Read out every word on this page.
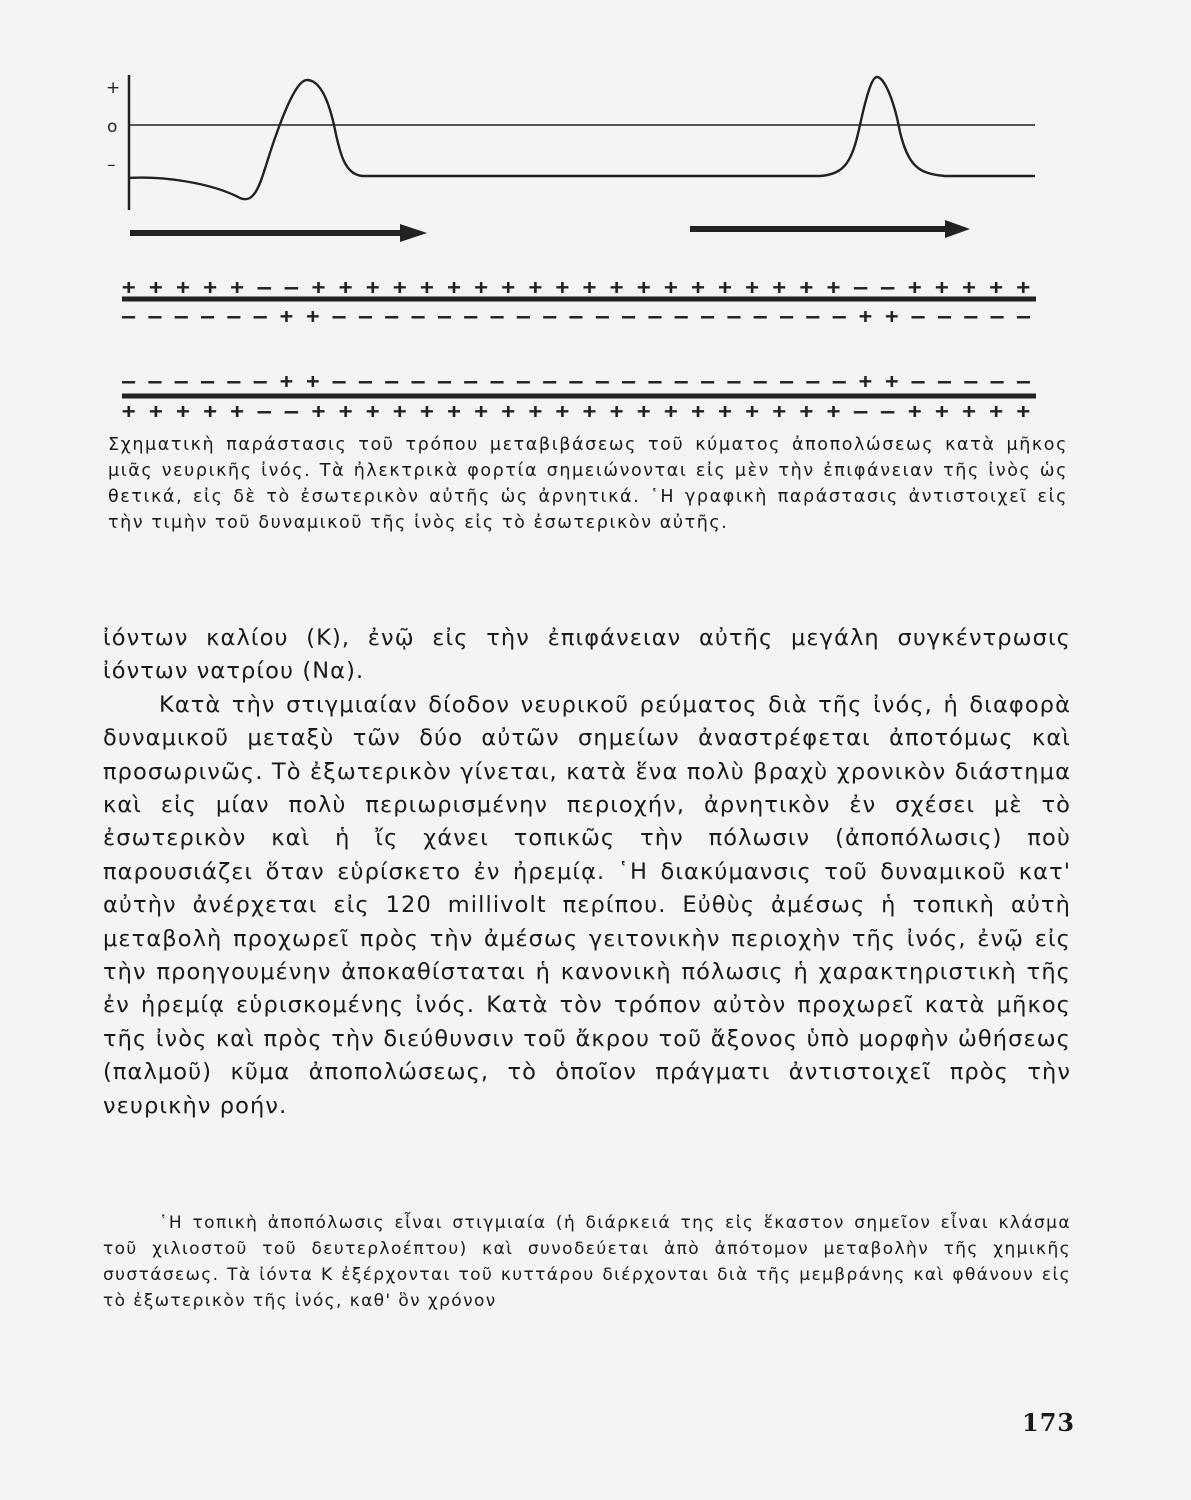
+
o
–
+ + + + + – – + + + + + + + + + + + + + + + + + + + + – – + + + + +
– – – – – – + + – – – – – – – – – – – – – – – – – – – – + + – – – – –
– – – – – – + + – – – – – – – – – – – – – – – – – – – – + + – – – – –
+ + + + + – – + + + + + + + + + + + + + + + + + + + + – – + + + + +
Σχηματικὴ παράστασις τοῦ τρόπου μεταβιβάσεως τοῦ κύματος ἀποπολώσεως κατὰ μῆκος μιᾶς νευρικῆς ἰνός. Τὰ ἠλεκτρικὰ φορτία σημειώνονται εἰς μὲν τὴν ἐπιφάνειαν τῆς ἰνὸς ὡς θετικά, εἰς δὲ τὸ ἐσωτερικὸν αὐτῆς ὡς ἀρνητικά. ῾Η γραφικὴ παράστασις ἀντιστοιχεῖ εἰς τὴν τιμὴν τοῦ δυναμικοῦ τῆς ἰνὸς εἰς τὸ ἐσωτερικὸν αὐτῆς.

ἰόντων καλίου (Κ), ἐνῷ εἰς τὴν ἐπιφάνειαν αὐτῆς μεγάλη συγκέντρωσις ἰόντων νατρίου (Να).

Κατὰ τὴν στιγμιαίαν δίοδον νευρικοῦ ρεύματος διὰ τῆς ἰνός, ἡ διαφορὰ δυναμικοῦ μεταξὺ τῶν δύο αὐτῶν σημείων ἀναστρέφεται ἀποτόμως καὶ προσωρινῶς. Τὸ ἐξωτερικὸν γίνεται, κατὰ ἕνα πολὺ βραχὺ χρονικὸν διάστημα καὶ εἰς μίαν πολὺ περιωρισμένην περιοχήν, ἀρνητικὸν ἐν σχέσει μὲ τὸ ἐσωτερικὸν καὶ ἡ ἴς χάνει τοπικῶς τὴν πόλωσιν (ἀποπόλωσις) ποὺ παρουσιάζει ὅταν εὑρίσκετο ἐν ἠρεμίᾳ. ῾Η διακύμανσις τοῦ δυναμικοῦ κατ' αὐτὴν ἀνέρχεται εἰς 120 millivolt περίπου. Εὐθὺς ἀμέσως ἡ τοπικὴ αὐτὴ μεταβολὴ προχωρεῖ πρὸς τὴν ἀμέσως γειτονικὴν περιοχὴν τῆς ἰνός, ἐνῷ εἰς τὴν προηγουμένην ἀποκαθίσταται ἡ κανονικὴ πόλωσις ἡ χαρακτηριστικὴ τῆς ἐν ἠρεμίᾳ εὑρισκομένης ἰνός. Κατὰ τὸν τρόπον αὐτὸν προχωρεῖ κατὰ μῆκος τῆς ἰνὸς καὶ πρὸς τὴν διεύθυνσιν τοῦ ἄκρου τοῦ ἄξονος ὑπὸ μορφὴν ὠθήσεως (παλμοῦ) κῦμα ἀποπολώσεως, τὸ ὁποῖον πράγματι ἀντιστοιχεῖ πρὸς τὴν νευρικὴν ροήν.

῾Η τοπικὴ ἀποπόλωσις εἶναι στιγμιαία (ἡ διάρκειά της εἰς ἕκαστον σημεῖον εἶναι κλάσμα τοῦ χιλιοστοῦ τοῦ δευτερλοέπτου) καὶ συνοδεύεται ἀπὸ ἀπότομον μεταβολὴν τῆς χημικῆς συστάσεως. Τὰ ἰόντα Κ ἐξέρχονται τοῦ κυττάρου διέρχονται διὰ τῆς μεμβράνης καὶ φθάνουν εἰς τὸ ἐξωτερικὸν τῆς ἰνός, καθ' ὃν χρόνον

173
